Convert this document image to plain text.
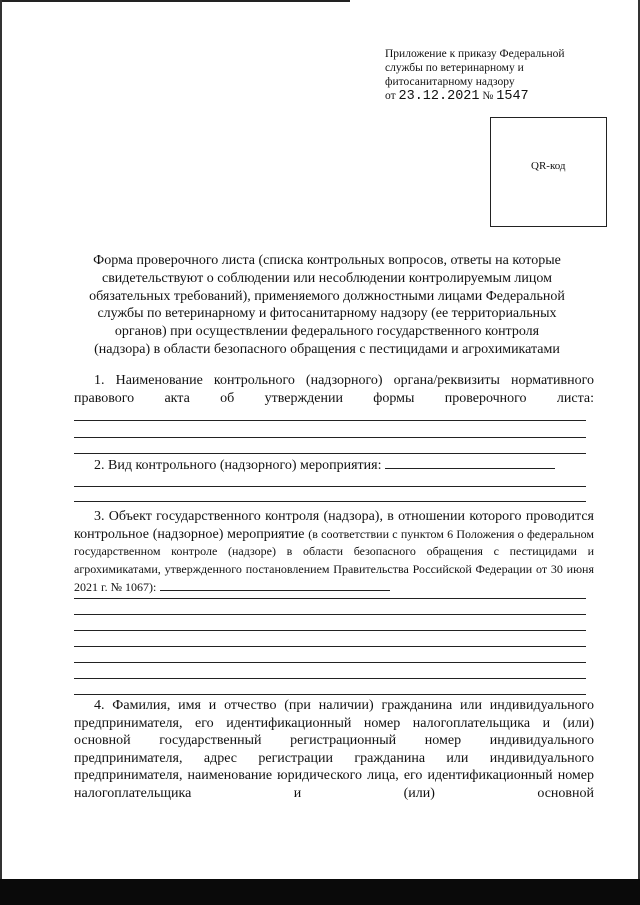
Приложение к приказу Федеральной
службы по ветеринарному и
фитосанитарному надзору
от 23.12.2021 № 1547
QR-код
Форма проверочного листа (списка контрольных вопросов, ответы на которые
свидетельствуют о соблюдении или несоблюдении контролируемым лицом
обязательных требований), применяемого должностными лицами Федеральной
службы по ветеринарному и фитосанитарному надзору (ее территориальных
органов) при осуществлении федерального государственного контроля
(надзора) в области безопасного обращения с пестицидами и агрохимикатами
1. Наименование контрольного (надзорного) органа/реквизиты нормативного правового акта об утверждении формы проверочного листа:
2. Вид контрольного (надзорного) мероприятия:
3. Объект государственного контроля (надзора), в отношении которого проводится контрольное (надзорное) мероприятие (в соответствии с пунктом 6 Положения о федеральном государственном контроле (надзоре) в области безопасного обращения с пестицидами и агрохимикатами, утвержденного постановлением Правительства Российской Федерации от 30 июня 2021 г. № 1067):
4. Фамилия, имя и отчество (при наличии) гражданина или индивидуального предпринимателя, его идентификационный номер налогоплательщика и (или) основной государственный регистрационный номер индивидуального предпринимателя, адрес регистрации гражданина или индивидуального предпринимателя, наименование юридического лица, его идентификационный номер налогоплательщика и (или) основной
